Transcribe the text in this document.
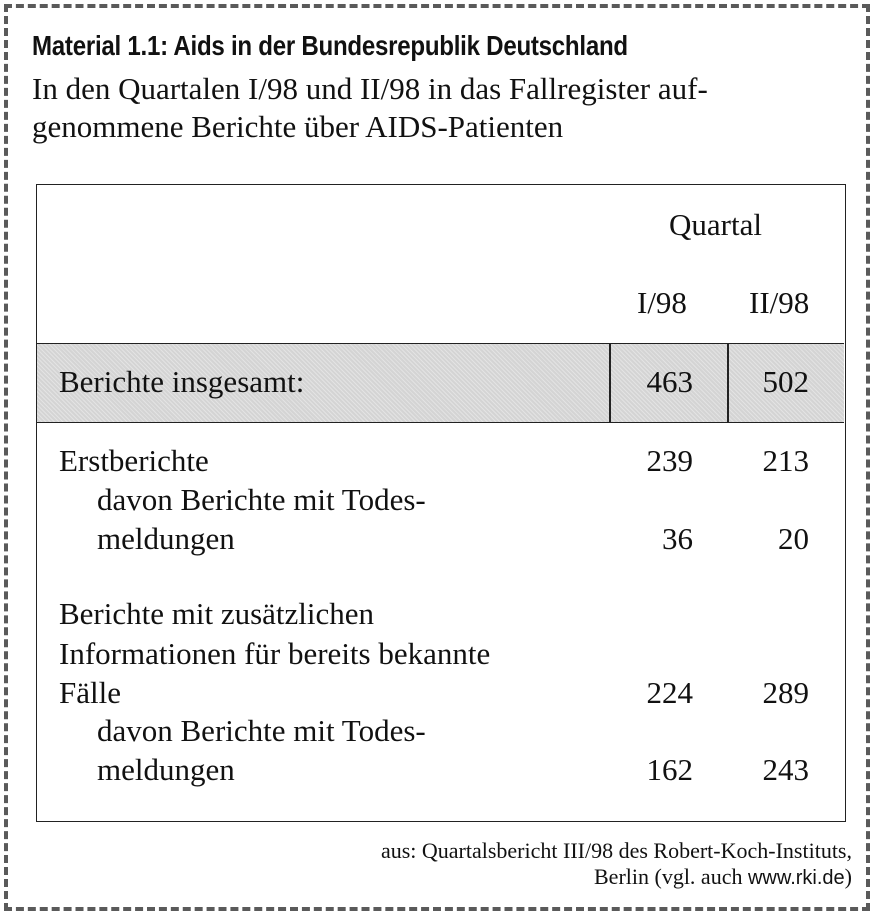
Material 1.1: Aids in der Bundesrepublik Deutschland
In den Quartalen I/98 und II/98 in das Fallregister auf-
genommene Berichte über AIDS-Patienten
Quartal
I/98 II/98
Berichte insgesamt:	463	502
Erstberichte	239	213
davon Berichte mit Todes-
meldungen	36	20
Berichte mit zusätzlichen
Informationen für bereits bekannte
Fälle	224	289
davon Berichte mit Todes-
meldungen	162	243
aus: Quartalsbericht III/98 des Robert-Koch-Instituts,
Berlin (vgl. auch www.rki.de)
